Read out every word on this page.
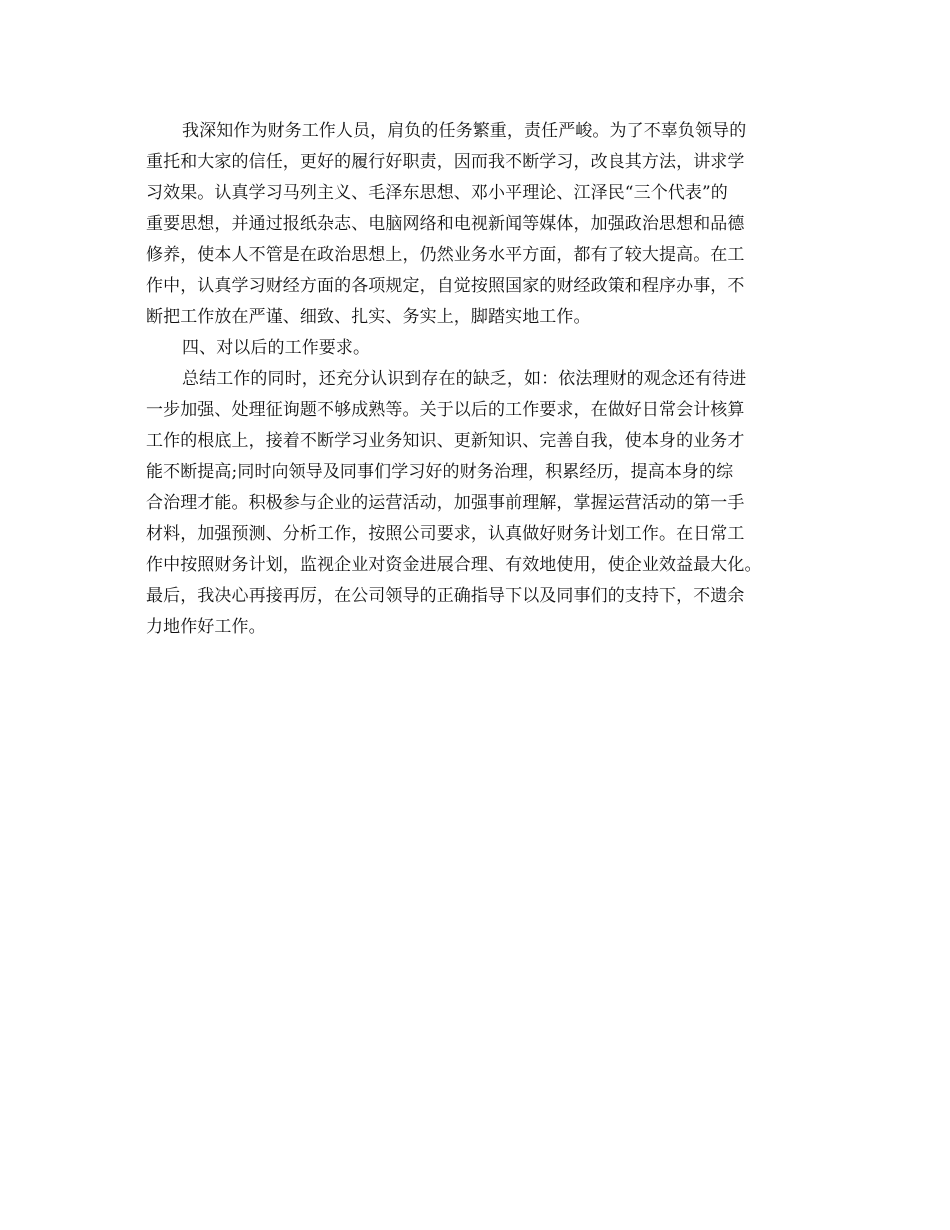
我深知作为财务工作人员，肩负的任务繁重，责任严峻。为了不辜负领导的
重托和大家的信任，更好的履行好职责，因而我不断学习，改良其方法，讲求学
习效果。认真学习马列主义、毛泽东思想、邓小平理论、江泽民“三个代表”的
重要思想，并通过报纸杂志、电脑网络和电视新闻等媒体，加强政治思想和品德
修养，使本人不管是在政治思想上，仍然业务水平方面，都有了较大提高。在工
作中，认真学习财经方面的各项规定，自觉按照国家的财经政策和程序办事，不
断把工作放在严谨、细致、扎实、务实上，脚踏实地工作。
四、对以后的工作要求。
总结工作的同时，还充分认识到存在的缺乏，如：依法理财的观念还有待进
一步加强、处理征询题不够成熟等。关于以后的工作要求，在做好日常会计核算
工作的根底上，接着不断学习业务知识、更新知识、完善自我，使本身的业务才
能不断提高;同时向领导及同事们学习好的财务治理，积累经历，提高本身的综
合治理才能。积极参与企业的运营活动，加强事前理解，掌握运营活动的第一手
材料，加强预测、分析工作，按照公司要求，认真做好财务计划工作。在日常工
作中按照财务计划，监视企业对资金进展合理、有效地使用，使企业效益最大化。
最后，我决心再接再厉，在公司领导的正确指导下以及同事们的支持下，不遗余
力地作好工作。
